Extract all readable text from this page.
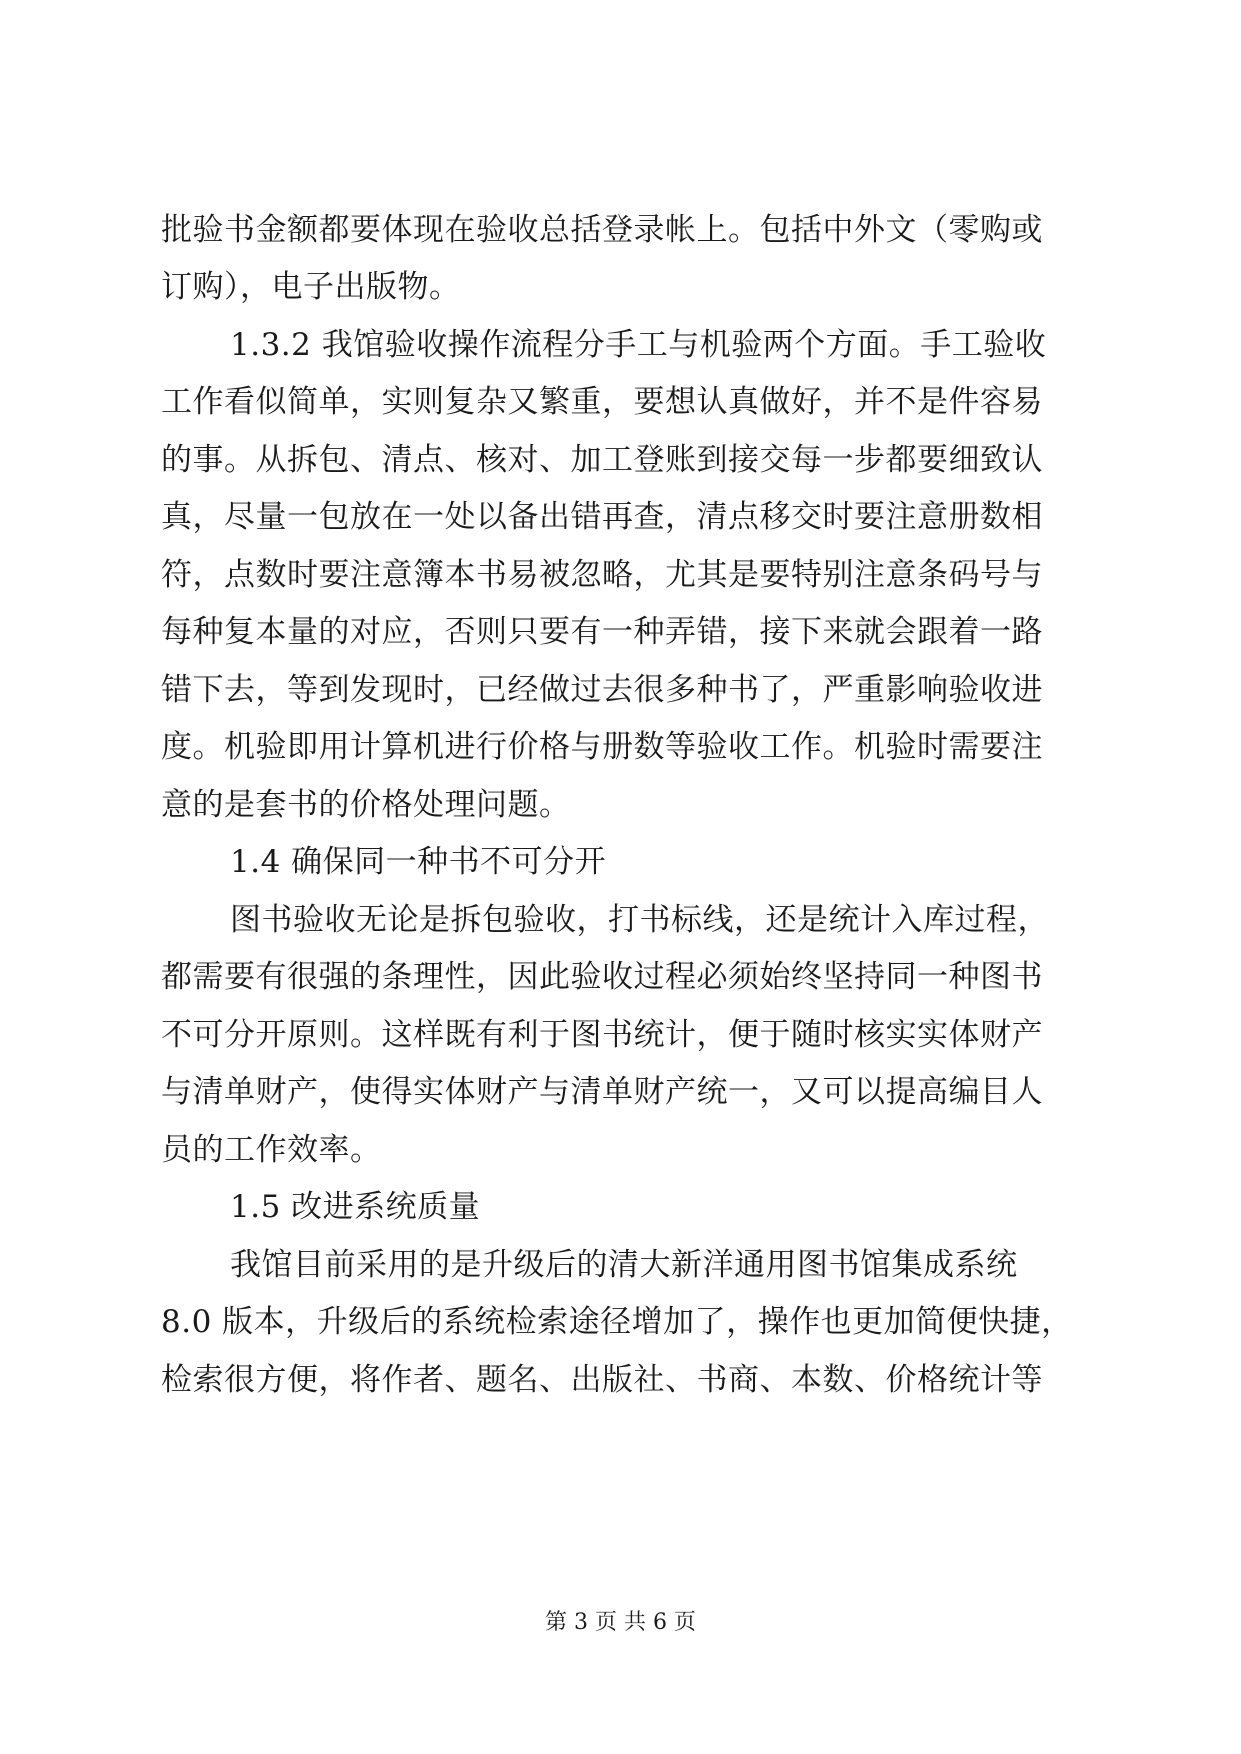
批验书金额都要体现在验收总括登录帐上。包括中外文（零购或
订购），电子出版物。
1.3.2 我馆验收操作流程分手工与机验两个方面。手工验收
工作看似简单，实则复杂又繁重，要想认真做好，并不是件容易
的事。从拆包、清点、核对、加工登账到接交每一步都要细致认
真，尽量一包放在一处以备出错再查，清点移交时要注意册数相
符，点数时要注意簿本书易被忽略，尤其是要特别注意条码号与
每种复本量的对应，否则只要有一种弄错，接下来就会跟着一路
错下去，等到发现时，已经做过去很多种书了，严重影响验收进
度。机验即用计算机进行价格与册数等验收工作。机验时需要注
意的是套书的价格处理问题。
1.4 确保同一种书不可分开
图书验收无论是拆包验收，打书标线，还是统计入库过程，
都需要有很强的条理性，因此验收过程必须始终坚持同一种图书
不可分开原则。这样既有利于图书统计，便于随时核实实体财产
与清单财产，使得实体财产与清单财产统一，又可以提高编目人
员的工作效率。
1.5 改进系统质量
我馆目前采用的是升级后的清大新洋通用图书馆集成系统
8.0 版本，升级后的系统检索途径增加了，操作也更加简便快捷，
检索很方便，将作者、题名、出版社、书商、本数、价格统计等
第 3 页 共 6 页
